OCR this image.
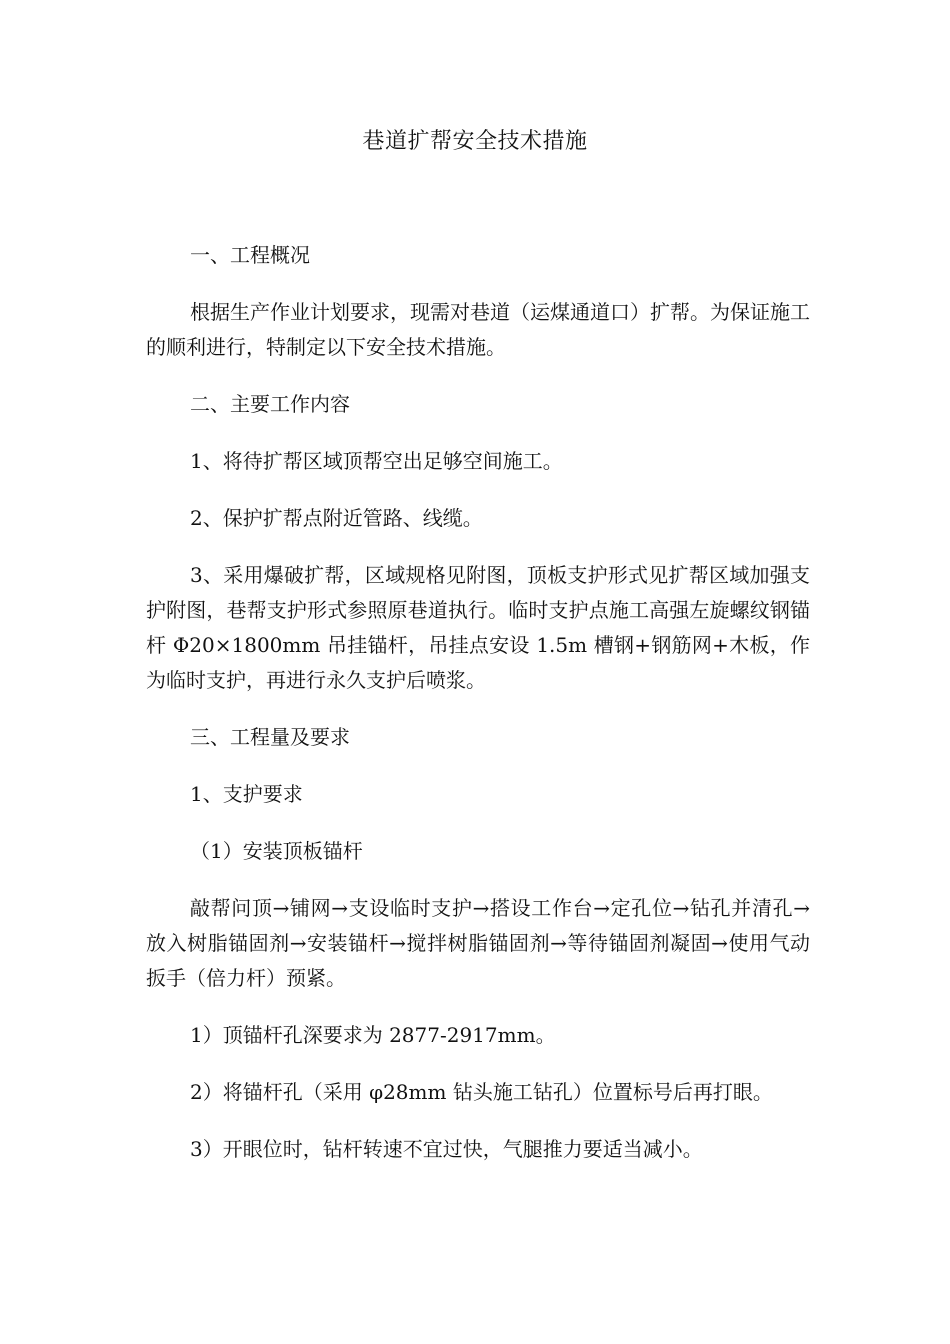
巷道扩帮安全技术措施

一、工程概况

根据生产作业计划要求，现需对巷道（运煤通道口）扩帮。为保证施工的顺利进行，特制定以下安全技术措施。

二、主要工作内容

1、将待扩帮区域顶帮空出足够空间施工。

2、保护扩帮点附近管路、线缆。

3、采用爆破扩帮，区域规格见附图，顶板支护形式见扩帮区域加强支护附图，巷帮支护形式参照原巷道执行。临时支护点施工高强左旋螺纹钢锚杆 Φ20×1800mm 吊挂锚杆，吊挂点安设 1.5m 槽钢+钢筋网+木板，作为临时支护，再进行永久支护后喷浆。

三、工程量及要求

1、支护要求

（1）安装顶板锚杆

敲帮问顶→铺网→支设临时支护→搭设工作台→定孔位→钻孔并清孔→放入树脂锚固剂→安装锚杆→搅拌树脂锚固剂→等待锚固剂凝固→使用气动扳手（倍力杆）预紧。

1）顶锚杆孔深要求为 2877-2917mm。

2）将锚杆孔（采用 φ28mm 钻头施工钻孔）位置标号后再打眼。

3）开眼位时，钻杆转速不宜过快，气腿推力要适当减小。
